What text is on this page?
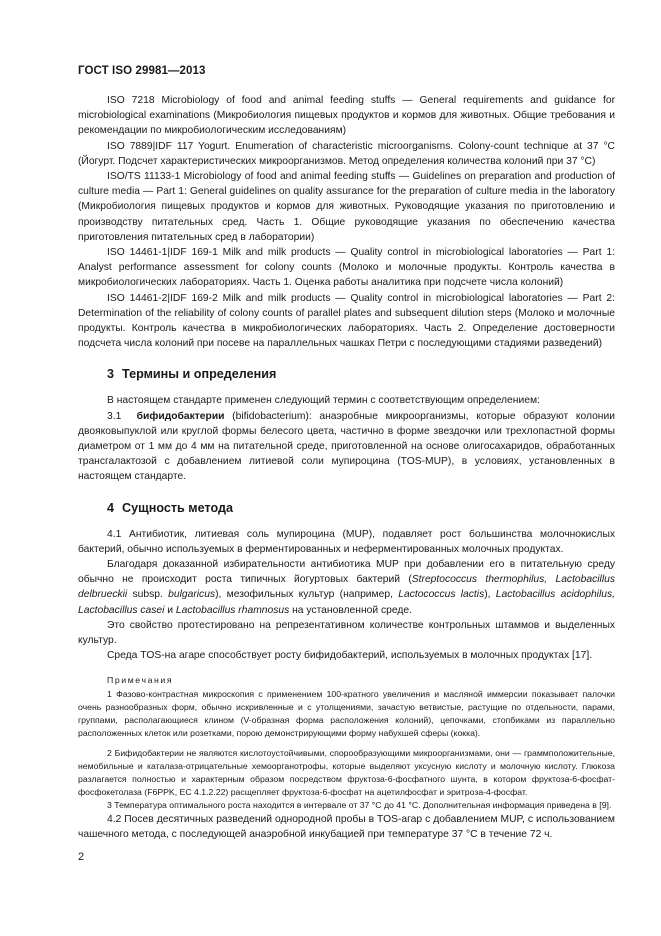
ГОСТ ISO 29981—2013

ISO 7218 Microbiology of food and animal feeding stuffs — General requirements and guidance for microbiological examinations (Микробиология пищевых продуктов и кормов для животных. Общие требования и рекомендации по микробиологическим исследованиям)

ISO 7889|IDF 117 Yogurt. Enumeration of characteristic microorganisms. Colony-count technique at 37 °C (Йогурт. Подсчет характеристических микроорганизмов. Метод определения количества колоний при 37 °C)

ISO/TS 11133-1 Microbiology of food and animal feeding stuffs — Guidelines on preparation and production of culture media — Part 1: General guidelines on quality assurance for the preparation of culture media in the laboratory (Микробиология пищевых продуктов и кормов для животных. Руководящие указания по приготовлению и производству питательных сред. Часть 1. Общие руководящие указания по обеспечению качества приготовления питательных сред в лаборатории)

ISO 14461-1|IDF 169-1 Milk and milk products — Quality control in microbiological laboratories — Part 1: Analyst performance assessment for colony counts (Молоко и молочные продукты. Контроль качества в микробиологических лабораториях. Часть 1. Оценка работы аналитика при подсчете числа колоний)

ISO 14461-2|IDF 169-2 Milk and milk products — Quality control in microbiological laboratories — Part 2: Determination of the reliability of colony counts of parallel plates and subsequent dilution steps (Молоко и молочные продукты. Контроль качества в микробиологических лабораториях. Часть 2. Определение достоверности подсчета числа колоний при посеве на параллельных чашках Петри с последующими стадиями разведений)

3 Термины и определения

В настоящем стандарте применен следующий термин с соответствующим определением:

3.1 бифидобактерии (bifidobacterium): анаэробные микроорганизмы, которые образуют колонии двояковыпуклой или круглой формы белесого цвета, частично в форме звездочки или трехлопастной формы диаметром от 1 мм до 4 мм на питательной среде, приготовленной на основе олигосахаридов, обработанных трансгалактозой с добавлением литиевой соли мупироцина (TOS-MUP), в условиях, установленных в настоящем стандарте.

4 Сущность метода

4.1 Антибиотик, литиевая соль мупироцина (MUP), подавляет рост большинства молочнокислых бактерий, обычно используемых в ферментированных и неферментированных молочных продуктах.

Благодаря доказанной избирательности антибиотика MUP при добавлении его в питательную среду обычно не происходит роста типичных йогуртовых бактерий (Streptococcus thermophilus, Lactobacillus delbrueckii subsp. bulgaricus), мезофильных культур (например, Lactococcus lactis), Lactobacillus acidophilus, Lactobacillus casei и Lactobacillus rhamnosus на установленной среде.

Это свойство протестировано на репрезентативном количестве контрольных штаммов и выделенных культур.

Среда TOS-на агаре способствует росту бифидобактерий, используемых в молочных продуктах [17].

Примечания

1 Фазово-контрастная микроскопия с применением 100-кратного увеличения и масляной иммерсии показывает палочки очень разнообразных форм, обычно искривленные и с утолщениями, зачастую ветвистые, растущие по отдельности, парами, группами, располагающиеся клином (V-образная форма расположения колоний), цепочками, стопбиками из параллельно расположенных клеток или розетками, порою демонстрирующими форму набухшей сферы (кокка).

2 Бифидобактерии не являются кислотоустойчивыми, спорообразующими микроорганизмами, они — граммположительные, немобильные и каталаза-отрицательные хемоорганотрофы, которые выделяют уксусную кислоту и молочную кислоту. Глюкоза разлагается полностью и характерным образом посредством фруктоза-6-фосфатного шунта, в котором фруктоза-6-фосфат-фосфокетолаза (F6PPK, EC 4.1.2.22) расщепляет фруктоза-6-фосфат на ацетилфосфат и эритроза-4-фосфат.

3 Температура оптимального роста находится в интервале от 37 °C до 41 °C. Дополнительная информация приведена в [9].

4.2 Посев десятичных разведений однородной пробы в TOS-агар с добавлением MUP, с использованием чашечного метода, с последующей анаэробной инкубацией при температуре 37 °C в течение 72 ч.

2
